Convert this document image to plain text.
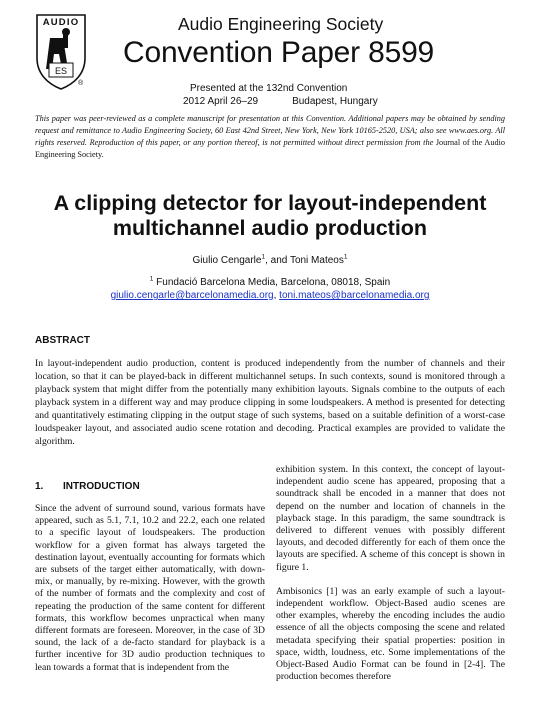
AUDIO
ES
®
Audio Engineering Society
Convention Paper 8599
Presented at the 132nd Convention
2012 April 26–29	Budapest, Hungary
This paper was peer-reviewed as a complete manuscript for presentation at this Convention. Additional papers may be obtained by sending request and remittance to Audio Engineering Society, 60 East 42nd Street, New York, New York 10165-2520, USA; also see www.aes.org. All rights reserved. Reproduction of this paper, or any portion thereof, is not permitted without direct permission from the Journal of the Audio Engineering Society.
A clipping detector for layout-independent multichannel audio production
Giulio Cengarle$^1$, and Toni Mateos$^1$
$^1$ Fundació Barcelona Media, Barcelona, 08018, Spain
giulio.cengarle@barcelonamedia.org, toni.mateos@barcelonamedia.org
ABSTRACT
In layout-independent audio production, content is produced independently from the number of channels and their location, so that it can be played-back in different multichannel setups. In such contexts, sound is monitored through a playback system that might differ from the potentially many exhibition layouts. Signals combine to the outputs of each playback system in a different way and may produce clipping in some loudspeakers. A method is presented for detecting and quantitatively estimating clipping in the output stage of such systems, based on a suitable definition of a worst-case loudspeaker layout, and associated audio scene rotation and decoding. Practical examples are provided to validate the algorithm.
1. INTRODUCTION

Since the advent of surround sound, various formats have appeared, such as 5.1, 7.1, 10.2 and 22.2, each one related to a specific layout of loudspeakers. The production workflow for a given format has always targeted the destination layout, eventually accounting for formats which are subsets of the target either automatically, with down-mix, or manually, by re-mixing. However, with the growth of the number of formats and the complexity and cost of repeating the production of the same content for different formats, this workflow becomes unpractical when many different formats are foreseen. Moreover, in the case of 3D sound, the lack of a de-facto standard for playback is a further incentive for 3D audio production techniques to lean towards a format that is independent from the

exhibition system. In this context, the concept of layout-independent audio scene has appeared, proposing that a soundtrack shall be encoded in a manner that does not depend on the number and location of channels in the playback stage. In this paradigm, the same soundtrack is delivered to different venues with possibly different layouts, and decoded differently for each of them once the layouts are specified. A scheme of this concept is shown in figure 1.

Ambisonics [1] was an early example of such a layout-independent workflow. Object-Based audio scenes are other examples, whereby the encoding includes the audio essence of all the objects composing the scene and related metadata specifying their spatial properties: position in space, width, loudness, etc. Some implementations of the Object-Based Audio Format can be found in [2-4]. The production becomes therefore
